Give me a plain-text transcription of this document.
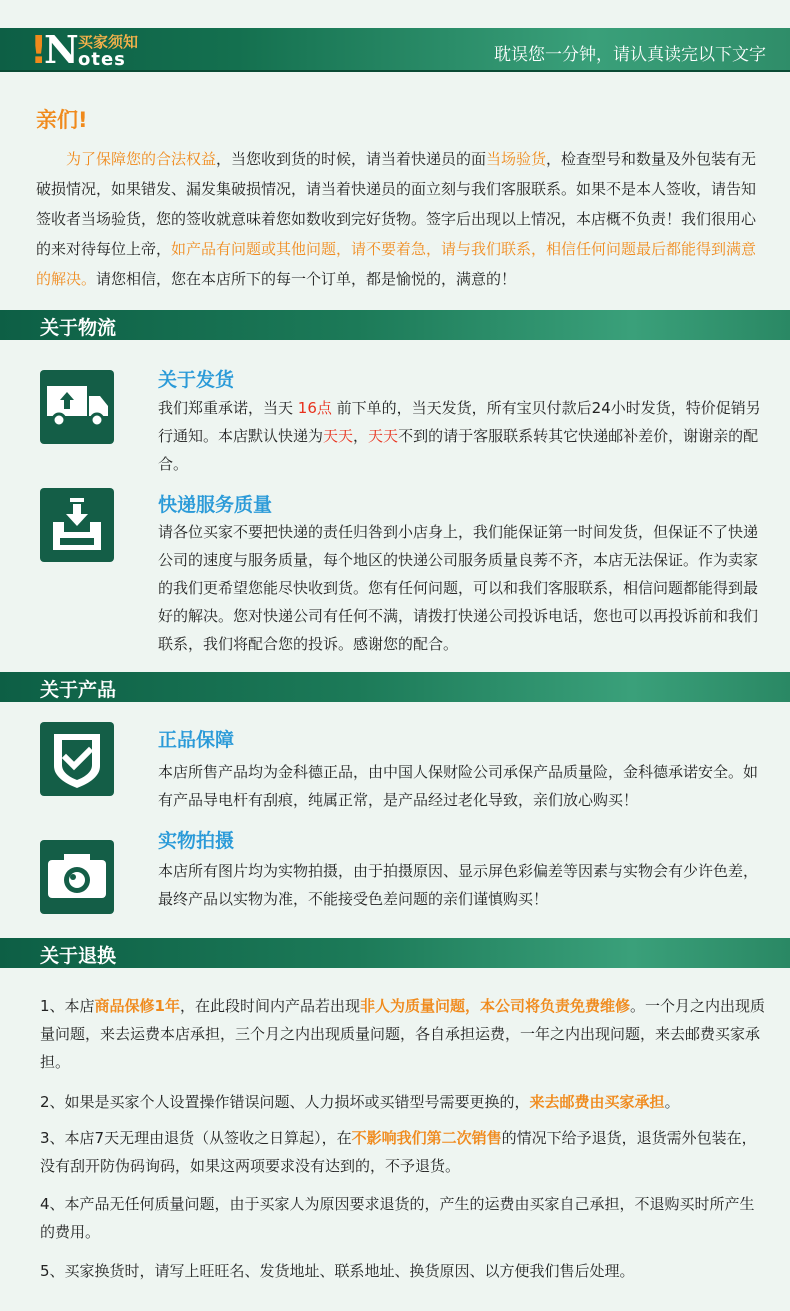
!
N 买家须知
otes	耽误您一分钟，请认真读完以下文字
亲们!

为了保障您的合法权益，当您收到货的时候，请当着快递员的面当场验货，检查型号和数量及外包装有无破损情况，如果错发、漏发集破损情况，请当着快递员的面立刻与我们客服联系。如果不是本人签收，请告知签收者当场验货，您的签收就意味着您如数收到完好货物。签字后出现以上情况，本店概不负责！我们很用心的来对待每位上帝，如产品有问题或其他问题，请不要着急，请与我们联系，相信任何问题最后都能得到满意的解决。请您相信，您在本店所下的每一个订单，都是愉悦的，满意的！

关于物流
关于发货

我们郑重承诺，当天 16点 前下单的，当天发货，所有宝贝付款后24小时发货，特价促销另行通知。本店默认快递为天天，天天不到的请于客服联系转其它快递邮补差价，谢谢亲的配合。

快递服务质量

请各位买家不要把快递的责任归咎到小店身上，我们能保证第一时间发货，但保证不了快递公司的速度与服务质量，每个地区的快递公司服务质量良莠不齐，本店无法保证。作为卖家的我们更希望您能尽快收到货。您有任何问题，可以和我们客服联系，相信问题都能得到最好的解决。您对快递公司有任何不满，请拨打快递公司投诉电话，您也可以再投诉前和我们联系，我们将配合您的投诉。感谢您的配合。

关于产品
正品保障

本店所售产品均为金科德正品，由中国人保财险公司承保产品质量险，金科德承诺安全。如有产品导电杆有刮痕，纯属正常，是产品经过老化导致，亲们放心购买！

实物拍摄

本店所有图片均为实物拍摄，由于拍摄原因、显示屏色彩偏差等因素与实物会有少许色差，最终产品以实物为准，不能接受色差问题的亲们谨慎购买！

关于退换

1、本店商品保修1年，在此段时间内产品若出现非人为质量问题，本公司将负责免费维修。一个月之内出现质量问题，来去运费本店承担，三个月之内出现质量问题，各自承担运费，一年之内出现问题，来去邮费买家承担。

2、如果是买家个人设置操作错误问题、人力损坏或买错型号需要更换的，来去邮费由买家承担。

3、本店7天无理由退货（从签收之日算起），在不影响我们第二次销售的情况下给予退货，退货需外包装在，没有刮开防伪码询码，如果这两项要求没有达到的，不予退货。

4、本产品无任何质量问题，由于买家人为原因要求退货的，产生的运费由买家自己承担，不退购买时所产生的费用。

5、买家换货时，请写上旺旺名、发货地址、联系地址、换货原因、以方便我们售后处理。
